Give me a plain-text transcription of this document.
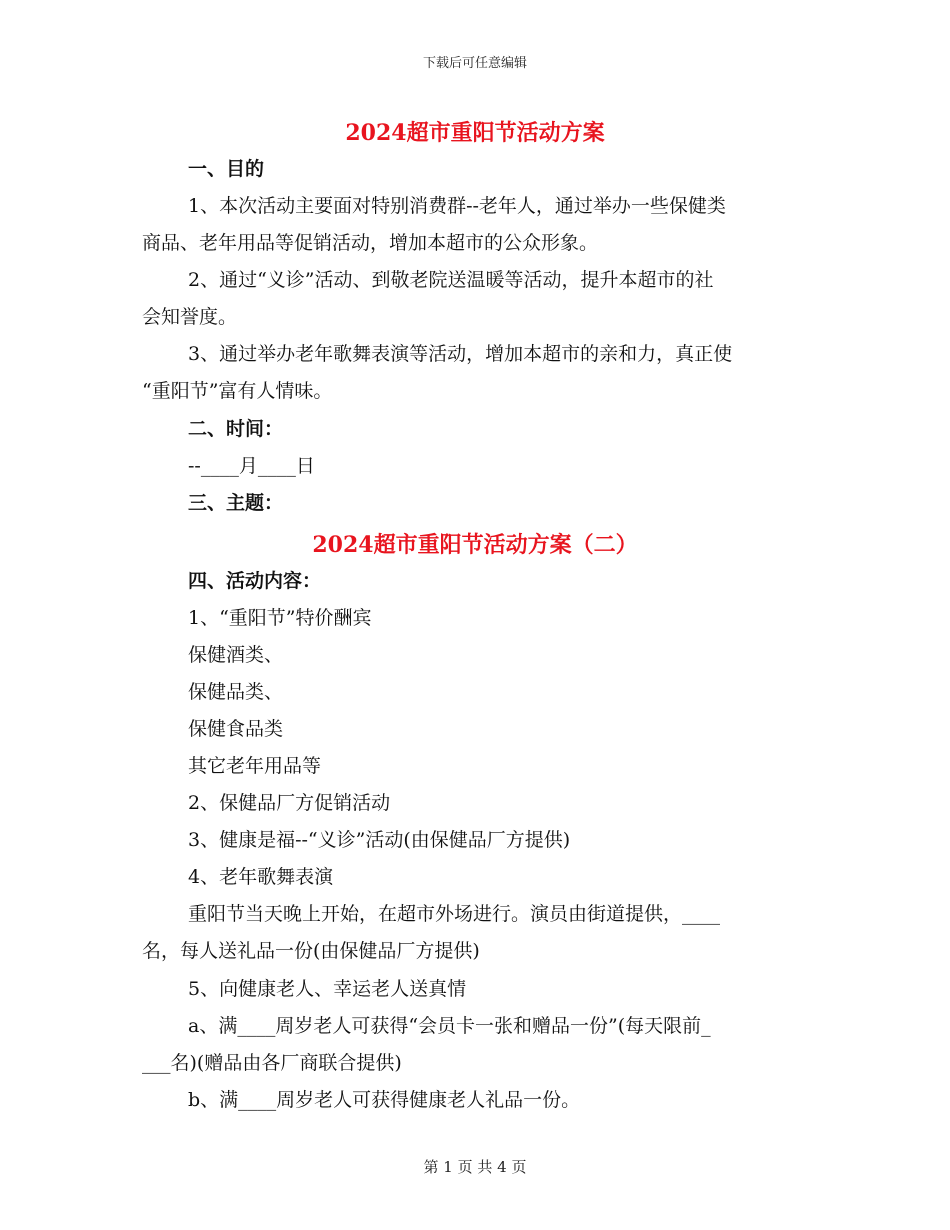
下载后可任意编辑
2024超市重阳节活动方案
一、目的
1、本次活动主要面对特别消费群--老年人，通过举办一些保健类
商品、老年用品等促销活动，增加本超市的公众形象。
2、通过“义诊”活动、到敬老院送温暖等活动，提升本超市的社
会知誉度。
3、通过举办老年歌舞表演等活动，增加本超市的亲和力，真正使
“重阳节”富有人情味。
二、时间：
--____月____日
三、主题：
2024超市重阳节活动方案（二）
四、活动内容：
1、“重阳节”特价酬宾
保健酒类、
保健品类、
保健食品类
其它老年用品等
2、保健品厂方促销活动
3、健康是福--“义诊”活动(由保健品厂方提供)
4、老年歌舞表演
重阳节当天晚上开始，在超市外场进行。演员由街道提供，____
名，每人送礼品一份(由保健品厂方提供)
5、向健康老人、幸运老人送真情
a、满____周岁老人可获得“会员卡一张和赠品一份”(每天限前_
___名)(赠品由各厂商联合提供)
b、满____周岁老人可获得健康老人礼品一份。
第 1 页 共 4 页
